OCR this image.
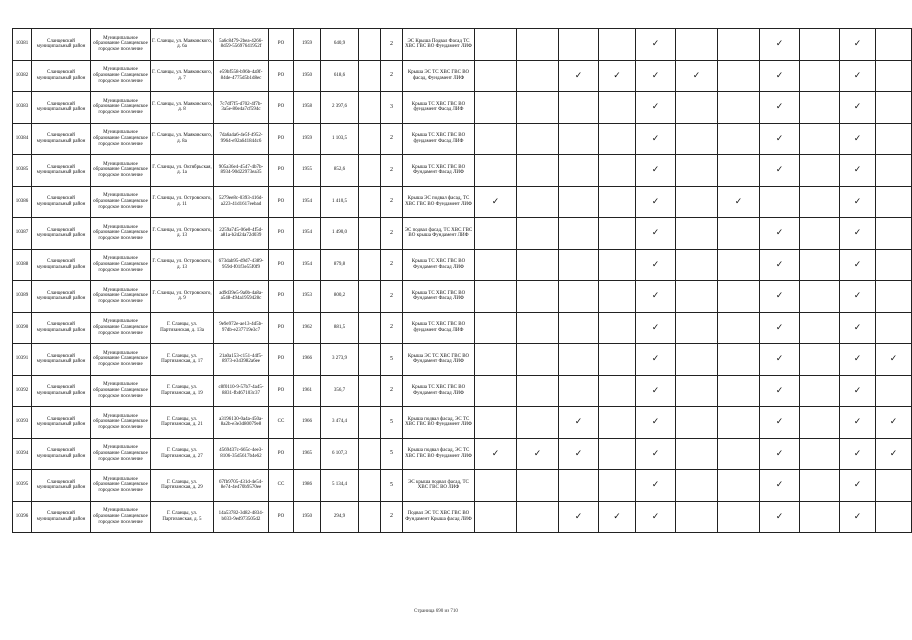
10381	Сланцевский муниципальный район	Муниципальное образование Сланцевское городское поселение	Г. Сланцы, ул. Маяковского, д. 6а	5a6c8479-2bea-4266-8d59-55697641952f	РО	1959	640,9		2	ЭС Крыша Подвал Фасад ТС ХВС ГВС ВО Фундамент ЛИФ					✓			✓		✓	
10382	Сланцевский муниципальный район	Муниципальное образование Сланцевское городское поселение	Г. Сланцы, ул. Маяковского, д. 7	e59bf558-b96b-4a9f-84de-4775d5b1d8ec	РО	1950	618,6		2	Крыша ЭС ТС ХВС ГВС ВО фасад, Фундамент ЛИФ			✓	✓	✓	✓		✓		✓	
10383	Сланцевский муниципальный район	Муниципальное образование Сланцевское городское поселение	Г. Сланцы, ул. Маяковского, д. 8	7c7df7f5-d702-4f7b-3a5e-80e4a7cf594c	РО	1958	2 397,6		3	Крыша ТС ХВС ГВС ВО фундамент Фасад ЛИФ					✓			✓		✓	
10384	Сланцевский муниципальный район	Муниципальное образование Сланцевское городское поселение	Г. Сланцы, ул. Маяковского, д. 8а	7da6a4a6-4e5f-4952-9964-e92a641844c6	РО	1959	1 103,5		2	Крыша ТС ХВС ГВС ВО фундамент Фасад ЛИФ					✓			✓		✓	
10385	Сланцевский муниципальный район	Муниципальное образование Сланцевское городское поселение	Г. Сланцы, ул. Октябрьская, д. 1а	905a36e4-4547-4b7b-8934-90d22973ea35	РО	1955	852,6		2	Крыша ТС ХВС ГВС ВО Фундамент Фасад ЛИФ					✓			✓		✓	
10386	Сланцевский муниципальный район	Муниципальное образование Сланцевское городское поселение	Г. Сланцы, ул. Островского, д. 11	5279ee8c-0393-416d-a223-41d1617eebad	РО	1954	1 410,5		2	Крыша ЭС подвал фасад, ТС ХВС ГВС ВО Фундамент ЛИФ	✓				✓		✓			✓	
10387	Сланцевский муниципальный район	Муниципальное образование Сланцевское городское поселение	Г. Сланцы, ул. Островского, д. 13	2259a745-06e0-4f5d-a81a-b2d24a72d039	РО	1954	1 490,0		2	ЭС подвал фасад, ТС ХВС ГВС ВО крыша Фундамент ЛИФ					✓			✓		✓	
10388	Сланцевский муниципальный район	Муниципальное образование Сланцевское городское поселение	Г. Сланцы, ул. Островского, д. 13	673dab95-d9d7-4389-959d-f01f3e55f0f9	РО	1954	879,8		2	Крыша ТС ХВС ГВС ВО Фундамент Фасад ЛИФ					✓			✓		✓	
10389	Сланцевский муниципальный район	Муниципальное образование Сланцевское городское поселение	Г. Сланцы, ул. Островского, д. 9	ad9d39e5-9a0b-4a8a-a548-494a1959428c	РО	1953	800,2		2	Крыша ТС ХВС ГВС ВО Фундамент Фасад ЛИФ					✓			✓		✓	
10390	Сланцевский муниципальный район	Муниципальное образование Сланцевское городское поселение	Г. Сланцы, ул. Партизанская, д. 13а	9e9e972e-ae13-4d5b-97db-e237719e3c7	РО	1962	881,5		2	Крыша ТС ХВС ГВС ВО фундамент Фасад ЛИФ					✓			✓		✓	
10391	Сланцевский муниципальный район	Муниципальное образование Сланцевское городское поселение	Г. Сланцы, ул. Партизанская, д. 17	21a0a153-c151-44f5-8973-e343982a6ee	РО	1966	3 273,9		5	Крыша ЭС ТС ХВС ГВС ВО Фундамент Фасад ЛИФ					✓			✓		✓	✓
10392	Сланцевский муниципальный район	Муниципальное образование Сланцевское городское поселение	Г. Сланцы, ул. Партизанская, д. 19	c8f0110-9-57b7-4a45-8831-fb467103c37	РО	1961	356,7		2	Крыша ТС ХВС ГВС ВО Фундамент Фасад ЛИФ					✓			✓		✓	
10393	Сланцевский муниципальный район	Муниципальное образование Сланцевское городское поселение	Г. Сланцы, ул. Партизанская, д. 21	a3196130-0a4a-450a-8a2b-e3e3d80079e8	СС	1966	3 474,4		5	Крыша подвал фасад, ЭС ТС ХВС ГВС ВО Фундамент ЛИФ			✓		✓			✓		✓	✓
10394	Сланцевский муниципальный район	Муниципальное образование Сланцевское городское поселение	Г. Сланцы, ул. Партизанская, д. 27	4569437c-665c-4ee3-8106-35d5617b4e62	РО	1965	6 107,3		5	Крыша подвал фасад, ЭС ТС ХВС ГВС ВО Фундамент ЛИФ	✓	✓	✓		✓			✓		✓	✓
10395	Сланцевский муниципальный район	Муниципальное образование Сланцевское городское поселение	Г. Сланцы, ул. Партизанская, д. 29	67fb9705-431d-4e54-8e74-4e470b9570ee	СС	1986	5 134,4		5	ЭС крыша подвал фасад, ТС ХВС ГВС ВО ЛИФ					✓			✓		✓	
10396	Сланцевский муниципальный район	Муниципальное образование Сланцевское городское поселение	Г. Сланцы, ул. Партизанская, д. 5	14a53782-3d82-4834-b033-9ed973505d2	РО	1950	294,9		2	Подвал ЭС ТС ХВС ГВС ВО Фундамент Крыша фасад ЛИФ			✓	✓	✓			✓		✓	
Страница 690 из 710
